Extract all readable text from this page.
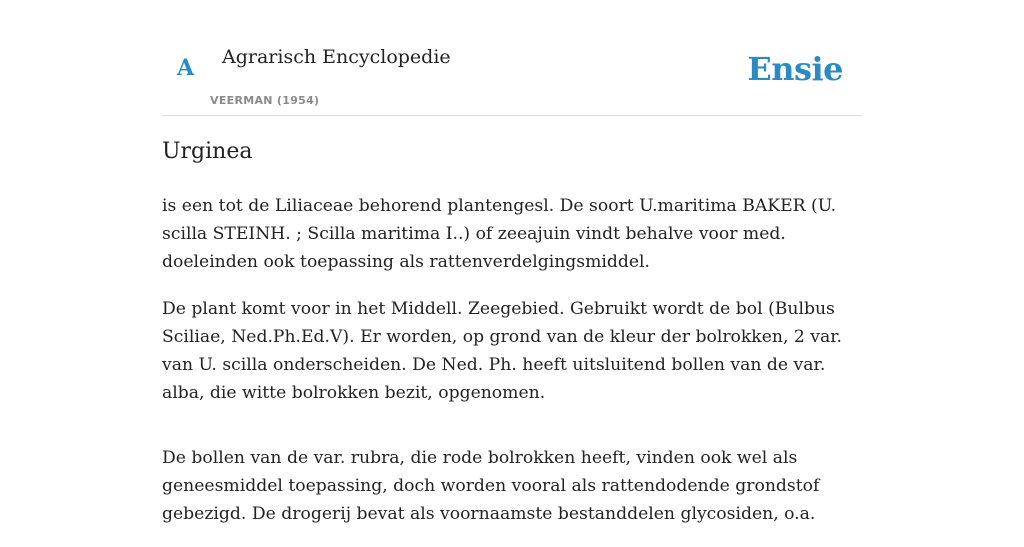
A Agrarisch Encyclopedie
VEERMAN (1954)
Ensie
Urginea

is een tot de Liliaceae behorend plantengesl. De soort U.maritima BAKER (U. scilla STEINH. ; Scilla maritima I..) of zeeajuin vindt behalve voor med. doeleinden ook toepassing als rattenverdelgingsmiddel.

De plant komt voor in het Middell. Zeegebied. Gebruikt wordt de bol (Bulbus Sciliae, Ned.Ph.Ed.V). Er worden, op grond van de kleur der bolrokken, 2 var. van U. scilla onderscheiden. De Ned. Ph. heeft uitsluitend bollen van de var. alba, die witte bolrokken bezit, opgenomen.

De bollen van de var. rubra, die rode bolrokken heeft, vinden ook wel als geneesmiddel toepassing, doch worden vooral als rattendodende grondstof gebezigd. De drogerij bevat als voornaamste bestanddelen glycosiden, o.a.
